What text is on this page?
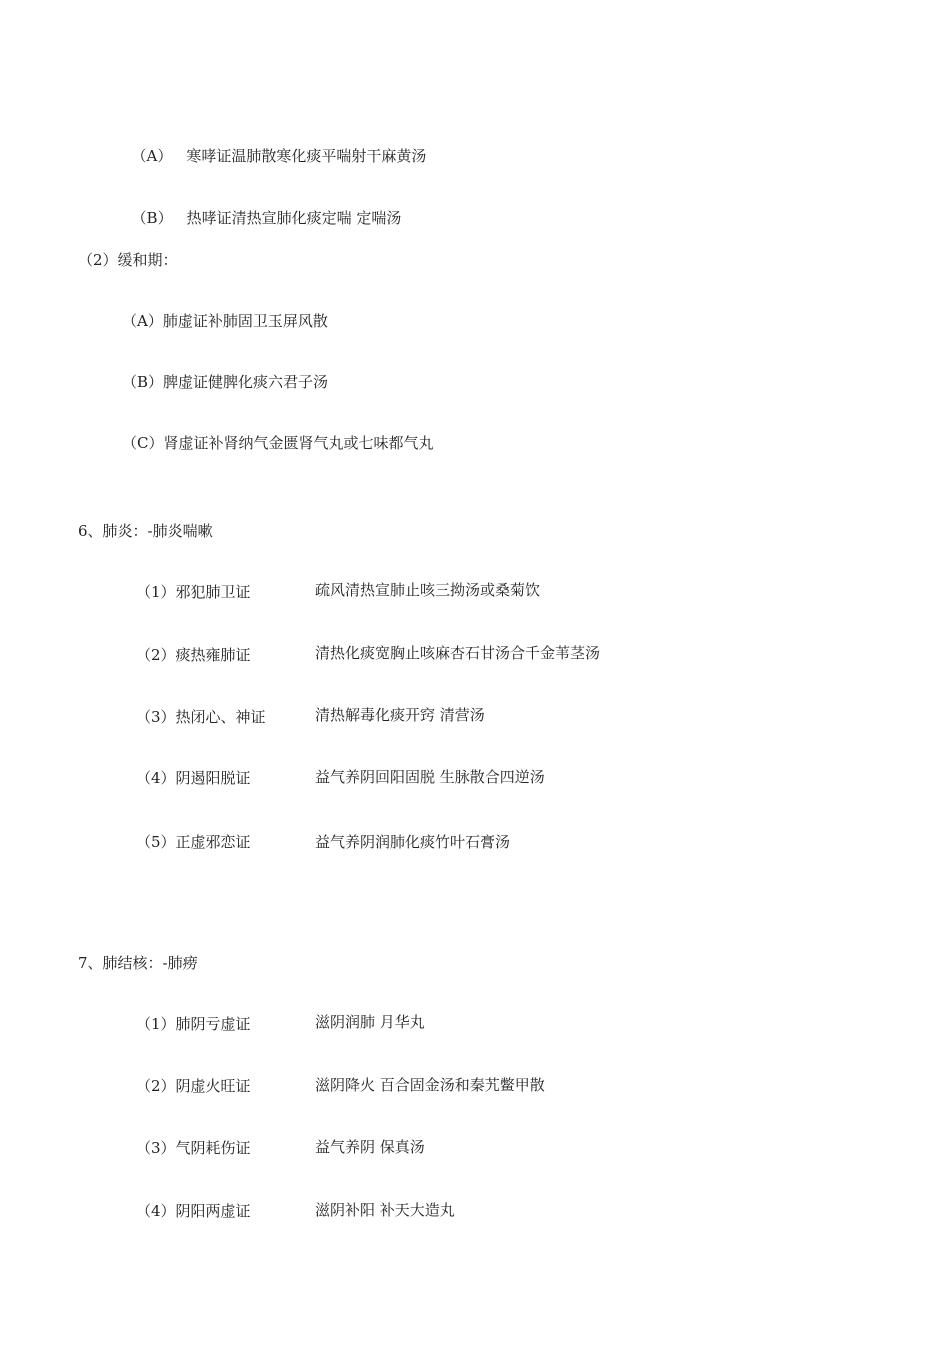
（A） 寒哮证温肺散寒化痰平喘射干麻黄汤

（B） 热哮证清热宣肺化痰定喘 定喘汤

（2）缓和期：
（A）肺虚证补肺固卫玉屏风散
（B）脾虚证健脾化痰六君子汤
（C）肾虚证补肾纳气金匮肾气丸或七味都气丸
6、肺炎：-肺炎喘嗽
（1）邪犯肺卫证	疏风清热宣肺止咳三拗汤或桑菊饮
（2）痰热雍肺证	清热化痰宽胸止咳麻杏石甘汤合千金苇茎汤
（3）热闭心、神证	清热解毒化痰开窍 清营汤
（4）阴遏阳脱证	益气养阴回阳固脱 生脉散合四逆汤
（5）正虚邪恋证	益气养阴润肺化痰竹叶石膏汤
7、肺结核：-肺痨
（1）肺阴亏虚证	滋阴润肺 月华丸
（2）阴虚火旺证	滋阴降火 百合固金汤和秦艽鳖甲散
（3）气阴耗伤证	益气养阴 保真汤
（4）阴阳两虚证	滋阴补阳 补天大造丸
